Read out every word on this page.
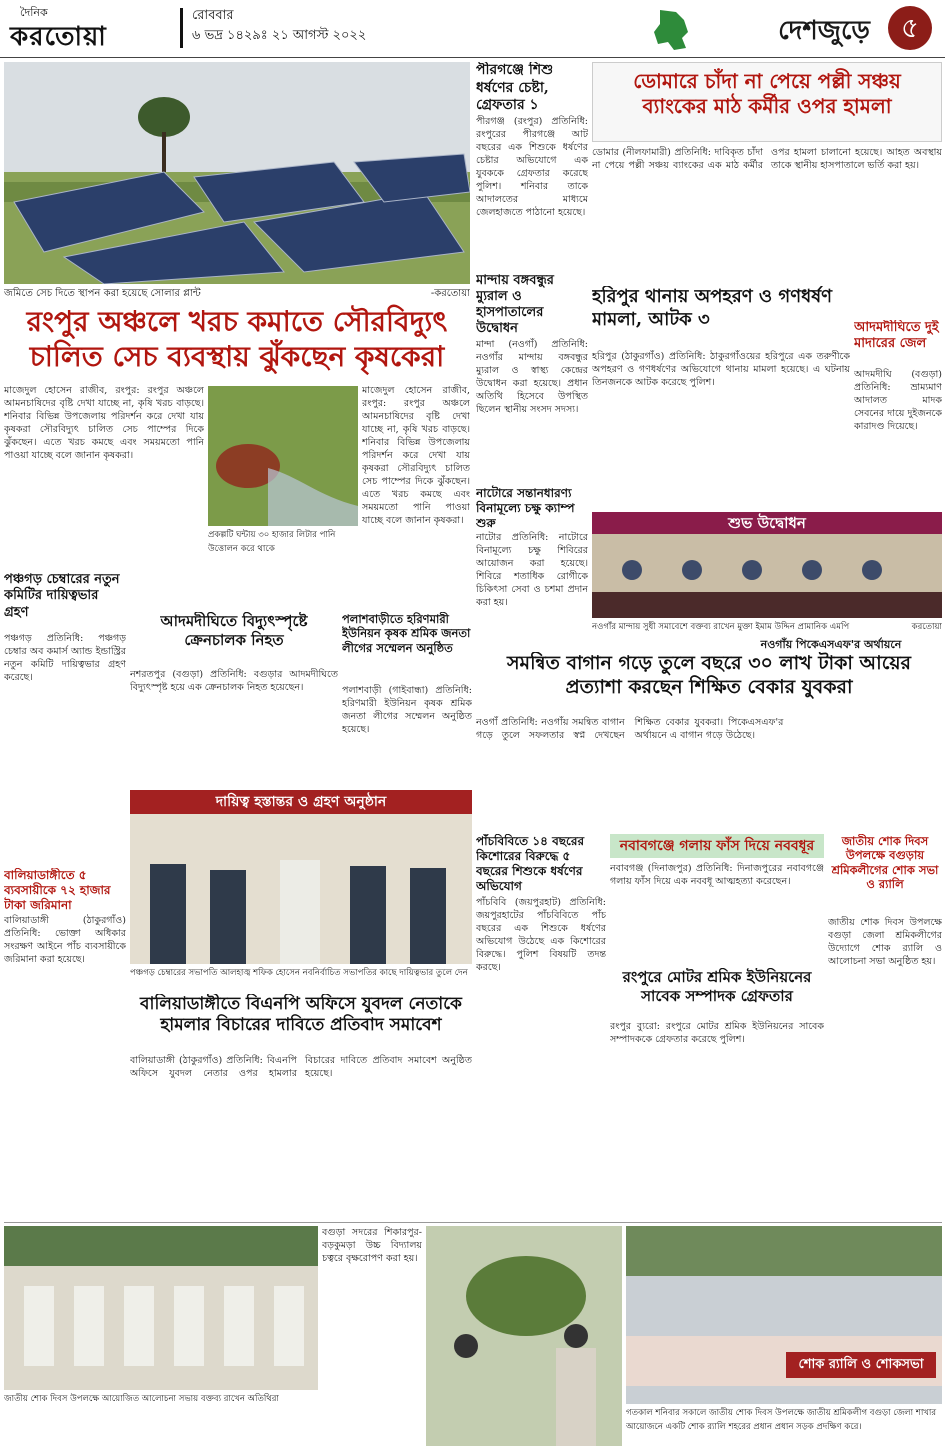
দৈনিক
করতোয়া
রোববার
৬ ভদ্র ১৪২৯ঃ ২১ আগস্ট ২০২২	দেশজুড়ে	৫
জমিতে সেচ দিতে স্থাপন করা হয়েছে সোলার প্লান্ট	-করতোয়া
রংপুর অঞ্চলে খরচ কমাতে সৌরবিদ্যুৎ চালিত সেচ ব্যবস্থায় ঝুঁকছেন কৃষকেরা

মাজেদুল হোসেন রাজীব, রংপুর: রংপুর অঞ্চলে আমনচাষিদের বৃষ্টি দেখা যাচ্ছে না, কৃষি খরচ বাড়ছে। শনিবার বিভিন্ন উপজেলায় পরিদর্শন করে দেখা যায় কৃষকরা সৌরবিদ্যুৎ চালিত সেচ পাম্পের দিকে ঝুঁকছেন। এতে খরচ কমছে এবং সময়মতো পানি পাওয়া যাচ্ছে বলে জানান কৃষকরা।

প্রকল্পটি ঘন্টায় ৩০ হাজার লিটার পানি উত্তোলন করে থাকে

মাজেদুল হোসেন রাজীব, রংপুর: রংপুর অঞ্চলে আমনচাষিদের বৃষ্টি দেখা যাচ্ছে না, কৃষি খরচ বাড়ছে। শনিবার বিভিন্ন উপজেলায় পরিদর্শন করে দেখা যায় কৃষকরা সৌরবিদ্যুৎ চালিত সেচ পাম্পের দিকে ঝুঁকছেন। এতে খরচ কমছে এবং সময়মতো পানি পাওয়া যাচ্ছে বলে জানান কৃষকরা।

পীরগঞ্জে শিশু ধর্ষণের চেষ্টা, গ্রেফতার ১
পীরগঞ্জ (রংপুর) প্রতিনিধি: রংপুরের পীরগঞ্জে আট বছরের এক শিশুকে ধর্ষণের চেষ্টার অভিযোগে এক যুবককে গ্রেফতার করেছে পুলিশ। শনিবার তাকে আদালতের মাধ্যমে জেলহাজতে পাঠানো হয়েছে।
মান্দায় বঙ্গবন্ধুর ম্যুরাল ও হাসপাতালের উদ্বোধন
মান্দা (নওগাঁ) প্রতিনিধি: নওগাঁর মান্দায় বঙ্গবন্ধুর ম্যুরাল ও স্বাস্থ্য কেন্দ্রের উদ্বোধন করা হয়েছে। প্রধান অতিথি হিসেবে উপস্থিত ছিলেন স্থানীয় সংসদ সদস্য।
নাটোরে সন্তানধারণ্য বিনামূল্যে চক্ষু ক্যাম্প শুরু
নাটোর প্রতিনিধি: নাটোরে বিনামূল্যে চক্ষু শিবিরের আয়োজন করা হয়েছে। শিবিরে শতাধিক রোগীকে চিকিৎসা সেবা ও চশমা প্রদান করা হয়।
ডোমারে চাঁদা না পেয়ে পল্লী সঞ্চয় ব্যাংকের মাঠ কর্মীর ওপর হামলা

ডোমার (নীলফামারী) প্রতিনিধি: দাবিকৃত চাঁদা না পেয়ে পল্লী সঞ্চয় ব্যাংকের এক মাঠ কর্মীর ওপর হামলা চালানো হয়েছে। আহত অবস্থায় তাকে স্থানীয় হাসপাতালে ভর্তি করা হয়।

হরিপুর থানায় অপহরণ ও গণধর্ষণ মামলা, আটক ৩

হরিপুর (ঠাকুরগাঁও) প্রতিনিধি: ঠাকুরগাঁওয়ের হরিপুরে এক তরুণীকে অপহরণ ও গণধর্ষণের অভিযোগে থানায় মামলা হয়েছে। এ ঘটনায় তিনজনকে আটক করেছে পুলিশ।

আদমদীঘিতে দুই মাদারের জেল

আদমদীঘি (বগুড়া) প্রতিনিধি: ভ্রাম্যমাণ আদালত মাদক সেবনের দায়ে দুইজনকে কারাদণ্ড দিয়েছে।

শুভ উদ্বোধন
নওগাঁর মান্দায় সুধী সমাবেশে বক্তব্য রাখেন মুক্তা ইমাম উদ্দিন প্রামানিক এমপি	করতোয়া
নওগাঁয় পিকেএসএফ'র অর্থায়নে
সমন্বিত বাগান গড়ে তুলে বছরে ৩০ লাখ টাকা আয়ের প্রত্যাশা করছেন শিক্ষিত বেকার যুবকরা

নওগাঁ প্রতিনিধি: নওগাঁয় সমন্বিত বাগান গড়ে তুলে সফলতার স্বপ্ন দেখছেন শিক্ষিত বেকার যুবকরা। পিকেএসএফ'র অর্থায়নে এ বাগান গড়ে উঠেছে।

পঞ্চগড় চেম্বারের নতুন কমিটির দায়িত্বভার গ্রহণ

পঞ্চগড় প্রতিনিধি: পঞ্চগড় চেম্বার অব কমার্স অ্যান্ড ইন্ডাস্ট্রির নতুন কমিটি দায়িত্বভার গ্রহণ করেছে।

আদমদীঘিতে বিদ্যুৎস্পৃষ্টে ক্রেনচালক নিহত

নশরতপুর (বগুড়া) প্রতিনিধি: বগুড়ার আদমদীঘিতে বিদ্যুৎস্পৃষ্ট হয়ে এক ক্রেনচালক নিহত হয়েছেন।

পলাশবাড়ীতে হরিণমারী ইউনিয়ন কৃষক শ্রমিক জনতা লীগের সম্মেলন অনুষ্ঠিত

পলাশবাড়ী (গাইবান্ধা) প্রতিনিধি: হরিণমারী ইউনিয়ন কৃষক শ্রমিক জনতা লীগের সম্মেলন অনুষ্ঠিত হয়েছে।

দায়িত্ব হস্তান্তর ও গ্রহণ অনুষ্ঠান
পঞ্চগড় চেম্বারের সভাপতি আলহাজ্ব শফিক হোসেন নবনির্বাচিত সভাপতির কাছে দায়িত্বভার তুলে দেন
বালিয়াডাঙ্গীতে ৫ ব্যবসায়ীকে ৭২ হাজার টাকা জরিমানা

বালিয়াডাঙ্গী (ঠাকুরগাঁও) প্রতিনিধি: ভোক্তা অধিকার সংরক্ষণ আইনে পাঁচ ব্যবসায়ীকে জরিমানা করা হয়েছে।

বালিয়াডাঙ্গীতে বিএনপি অফিসে যুবদল নেতাকে হামলার বিচারের দাবিতে প্রতিবাদ সমাবেশ

বালিয়াডাঙ্গী (ঠাকুরগাঁও) প্রতিনিধি: বিএনপি অফিসে যুবদল নেতার ওপর হামলার বিচারের দাবিতে প্রতিবাদ সমাবেশ অনুষ্ঠিত হয়েছে।

পাঁচবিবিতে ১৪ বছরের কিশোরের বিরুদ্ধে ৫ বছরের শিশুকে ধর্ষণের অভিযোগ

পাঁচবিবি (জয়পুরহাট) প্রতিনিধি: জয়পুরহাটের পাঁচবিবিতে পাঁচ বছরের এক শিশুকে ধর্ষণের অভিযোগ উঠেছে এক কিশোরের বিরুদ্ধে। পুলিশ বিষয়টি তদন্ত করছে।

নবাবগঞ্জে গলায় ফাঁস দিয়ে নববধূর

নবাবগঞ্জ (দিনাজপুর) প্রতিনিধি: দিনাজপুরের নবাবগঞ্জে গলায় ফাঁস দিয়ে এক নববধূ আত্মহত্যা করেছেন।

রংপুরে মোটর শ্রমিক ইউনিয়নের সাবেক সম্পাদক গ্রেফতার

রংপুর ব্যুরো: রংপুরে মোটর শ্রমিক ইউনিয়নের সাবেক সম্পাদককে গ্রেফতার করেছে পুলিশ।

জাতীয় শোক দিবস উপলক্ষে বগুড়ায় শ্রমিকলীগের শোক সভা ও র‍্যালি

জাতীয় শোক দিবস উপলক্ষে বগুড়া জেলা শ্রমিকলীগের উদ্যোগে শোক র‍্যালি ও আলোচনা সভা অনুষ্ঠিত হয়।

জাতীয় শোক দিবস উপলক্ষে আয়োজিত আলোচনা সভায় বক্তব্য রাখেন অতিথিরা

বগুড়া সদরের শিকারপুর-বড়কুমড়া উচ্চ বিদ্যালয় চত্বরে বৃক্ষরোপণ করা হয়।

শোক র‍্যালি ও শোকসভা
গতকাল শনিবার সকালে জাতীয় শোক দিবস উপলক্ষে জাতীয় শ্রমিকলীগ বগুড়া জেলা শাখার আয়োজনে একটি শোক র‍্যালি শহরের প্রধান প্রধান সড়ক প্রদক্ষিণ করে।
